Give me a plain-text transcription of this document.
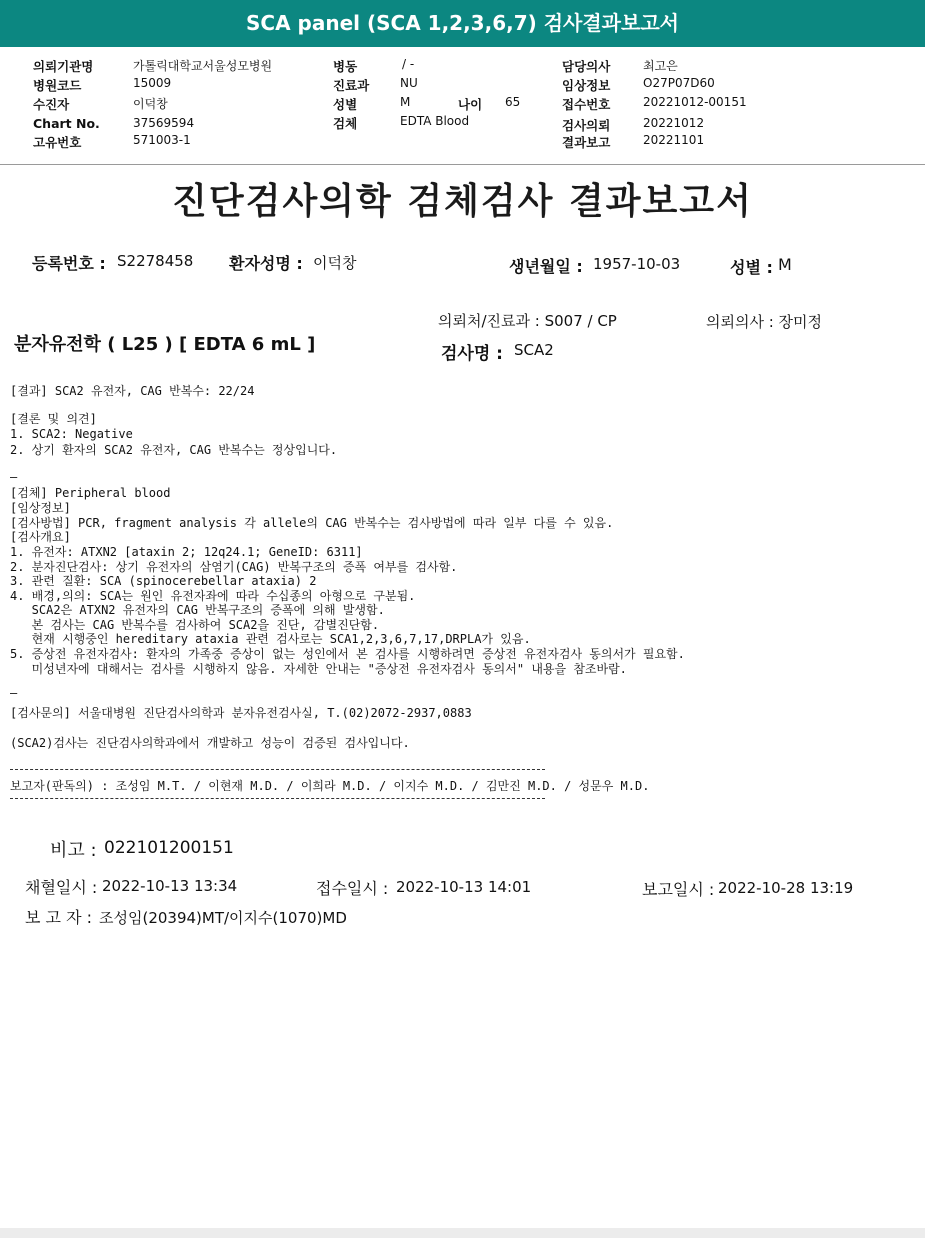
SCA panel (SCA 1,2,3,6,7) 검사결과보고서
의뢰기관명	가톨릭대학교서울성모병원
병원코드	15009
수진자	이덕창
Chart No.	37569594
고유번호	571003-1
병동	/ -
진료과	NU
성별	M	나이 65
검체	EDTA Blood
담당의사	최고은
임상정보	O27P07D60
접수번호	20221012-00151
검사의뢰	20221012
결과보고	20221101
진단검사의학 검체검사 결과보고서
등록번호 : S2278458 환자성명 : 이덕창	생년월일 : 1957-10-03	성별 : M
의뢰처/진료과 : S007 / CP	의뢰의사 : 장미정
분자유전학 ( L25 ) [ EDTA 6 mL ]	검사명 : SCA2
[결과] SCA2 유전자, CAG 반복수: 22/24
[결론 및 의견]
1. SCA2: Negative
2. 상기 환자의 SCA2 유전자, CAG 반복수는 정상입니다.
—
[검체] Peripheral blood
[임상정보]
[검사방법] PCR, fragment analysis 각 allele의 CAG 반복수는 검사방법에 따라 일부 다를 수 있음.
[검사개요]
1. 유전자: ATXN2 [ataxin 2; 12q24.1; GeneID: 6311]
2. 분자진단검사: 상기 유전자의 삼염기(CAG) 반복구조의 증폭 여부를 검사함.
3. 관련 질환: SCA (spinocerebellar ataxia) 2
4. 배경,의의: SCA는 원인 유전자좌에 따라 수십종의 아형으로 구분됨.
SCA2은 ATXN2 유전자의 CAG 반복구조의 증폭에 의해 발생함.
본 검사는 CAG 반복수를 검사하여 SCA2을 진단, 감별진단함.
현재 시행중인 hereditary ataxia 관련 검사로는 SCA1,2,3,6,7,17,DRPLA가 있음.
5. 증상전 유전자검사: 환자의 가족중 증상이 없는 성인에서 본 검사를 시행하려면 증상전 유전자검사 동의서가 필요함.
미성년자에 대해서는 검사를 시행하지 않음. 자세한 안내는 "증상전 유전자검사 동의서" 내용을 참조바람.
—
[검사문의] 서울대병원 진단검사의학과 분자유전검사실, T.(02)2072-2937,0883
(SCA2)검사는 진단검사의학과에서 개발하고 성능이 검증된 검사입니다.
보고자(판독의) : 조성임 M.T. / 이현재 M.D. / 이희라 M.D. / 이지수 M.D. / 김만진 M.D. / 성문우 M.D.
비고 : 022101200151
채혈일시 : 2022-10-13 13:34	접수일시 : 2022-10-13 14:01	보고일시 : 2022-10-28 13:19
보 고 자 : 조성임(20394)MT/이지수(1070)MD
